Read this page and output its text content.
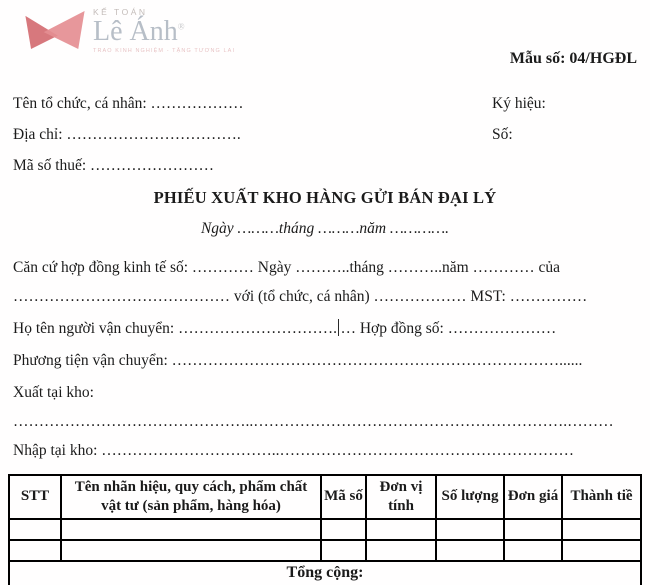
KẾ TOÁN
Lê Ánh®
TRAO KINH NGHIỆM - TẶNG TƯƠNG LAI	Mẫu số: 04/HGĐL
Tên tổ chức, cá nhân: ………………	Ký hiệu:
Địa chỉ: …………………………….	Số:
Mã số thuế: ……………………
PHIẾU XUẤT KHO HÀNG GỬI BÁN ĐẠI LÝ
Ngày ………tháng ………năm ………….
Căn cứ hợp đồng kinh tế số: ………… Ngày ………..tháng ………..năm ………… của
…………………………………… với (tổ chức, cá nhân) ……………… MST: ……………
Họ tên người vận chuyển: …………………………. … Hợp đồng số: …………………
Phương tiện vận chuyển: …………………………………………………………………......
Xuất tại kho:
………………………………………..…………………………………………………….………
Nhập tại kho: ……………………………..…………………………………………………
STT	Tên nhãn hiệu, quy cách, phẩm chất vật tư (sản phẩm, hàng hóa)	Mã số	Đơn vị tính	Số lượng	Đơn giá	Thành tiề

Tổng cộng:						
